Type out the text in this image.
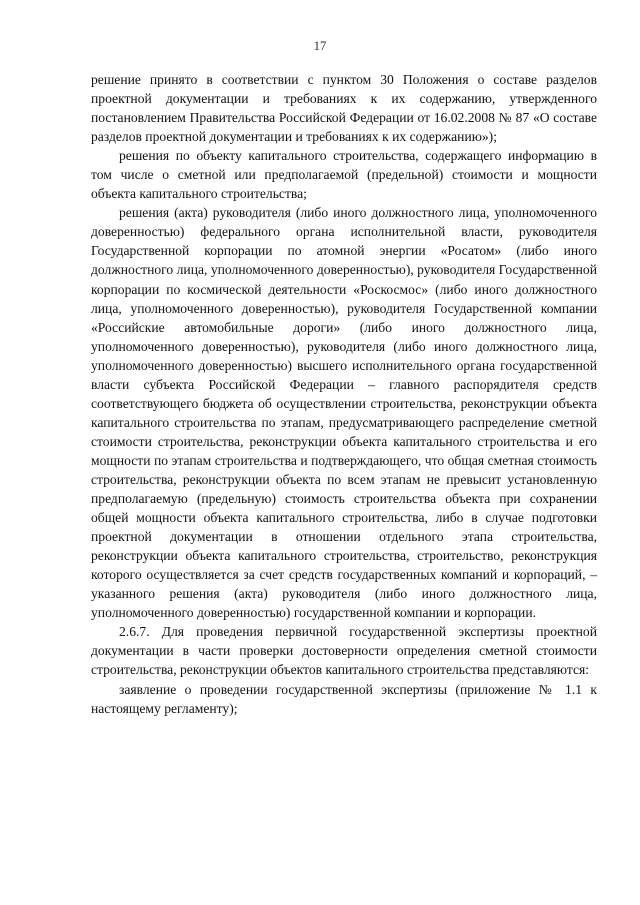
17

решение принято в соответствии с пунктом 30 Положения о составе разделов проектной документации и требованиях к их содержанию, утвержденного постановлением Правительства Российской Федерации от 16.02.2008 № 87 «О составе разделов проектной документации и требованиях к их содержанию»);

решения по объекту капитального строительства, содержащего информацию в том числе о сметной или предполагаемой (предельной) стоимости и мощности объекта капитального строительства;

решения (акта) руководителя (либо иного должностного лица, уполномоченного доверенностью) федерального органа исполнительной власти, руководителя Государственной корпорации по атомной энергии «Росатом» (либо иного должностного лица, уполномоченного доверенностью), руководителя Государственной корпорации по космической деятельности «Роскосмос» (либо иного должностного лица, уполномоченного доверенностью), руководителя Государственной компании «Российские автомобильные дороги» (либо иного должностного лица, уполномоченного доверенностью), руководителя (либо иного должностного лица, уполномоченного доверенностью) высшего исполнительного органа государственной власти субъекта Российской Федерации – главного распорядителя средств соответствующего бюджета об осуществлении строительства, реконструкции объекта капитального строительства по этапам, предусматривающего распределение сметной стоимости строительства, реконструкции объекта капитального строительства и его мощности по этапам строительства и подтверждающего, что общая сметная стоимость строительства, реконструкции объекта по всем этапам не превысит установленную предполагаемую (предельную) стоимость строительства объекта при сохранении общей мощности объекта капитального строительства, либо в случае подготовки проектной документации в отношении отдельного этапа строительства, реконструкции объекта капитального строительства, строительство, реконструкция которого осуществляется за счет средств государственных компаний и корпораций, – указанного решения (акта) руководителя (либо иного должностного лица, уполномоченного доверенностью) государственной компании и корпорации.

2.6.7. Для проведения первичной государственной экспертизы проектной документации в части проверки достоверности определения сметной стоимости строительства, реконструкции объектов капитального строительства представляются:

заявление о проведении государственной экспертизы (приложение № 1.1 к настоящему регламенту);
